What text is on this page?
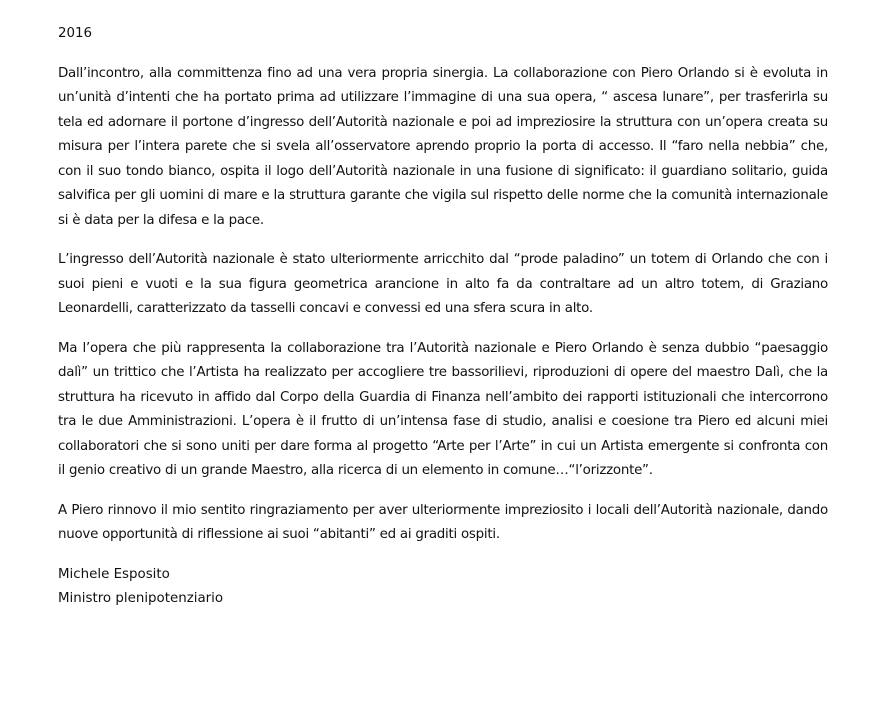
2016

Dall’incontro, alla committenza fino ad una vera propria sinergia. La collaborazione con Piero Orlando si è evoluta in un’unità d’intenti che ha portato prima ad utilizzare l’immagine di una sua opera, “ ascesa lunare”, per trasferirla su tela ed adornare il portone d’ingresso dell’Autorità nazionale e poi ad impreziosire la struttura con un’opera creata su misura per l’intera parete che si svela all’osservatore aprendo proprio la porta di accesso. Il “faro nella nebbia” che, con il suo tondo bianco, ospita il logo dell’Autorità nazionale in una fusione di significato: il guardiano solitario, guida salvifica per gli uomini di mare e la struttura garante che vigila sul rispetto delle norme che la comunità internazionale si è data per la difesa e la pace.

L’ingresso dell’Autorità nazionale è stato ulteriormente arricchito dal “prode paladino” un totem di Orlando che con i suoi pieni e vuoti e la sua figura geometrica arancione in alto fa da contraltare ad un altro totem, di Graziano Leonardelli, caratterizzato da tasselli concavi e convessi ed una sfera scura in alto.

Ma l’opera che più rappresenta la collaborazione tra l’Autorità nazionale e Piero Orlando è senza dubbio “paesaggio dalì” un trittico che l’Artista ha realizzato per accogliere tre bassorilievi, riproduzioni di opere del maestro Dalì, che la struttura ha ricevuto in affido dal Corpo della Guardia di Finanza nell’ambito dei rapporti istituzionali che intercorrono tra le due Amministrazioni. L’opera è il frutto di un’intensa fase di studio, analisi e coesione tra Piero ed alcuni miei collaboratori che si sono uniti per dare forma al progetto “Arte per l’Arte” in cui un Artista emergente si confronta con il genio creativo di un grande Maestro, alla ricerca di un elemento in comune…“l’orizzonte”.

A Piero rinnovo il mio sentito ringraziamento per aver ulteriormente impreziosito i locali dell’Autorità nazionale, dando nuove opportunità di riflessione ai suoi “abitanti” ed ai graditi ospiti.

Michele Esposito

Ministro plenipotenziario
